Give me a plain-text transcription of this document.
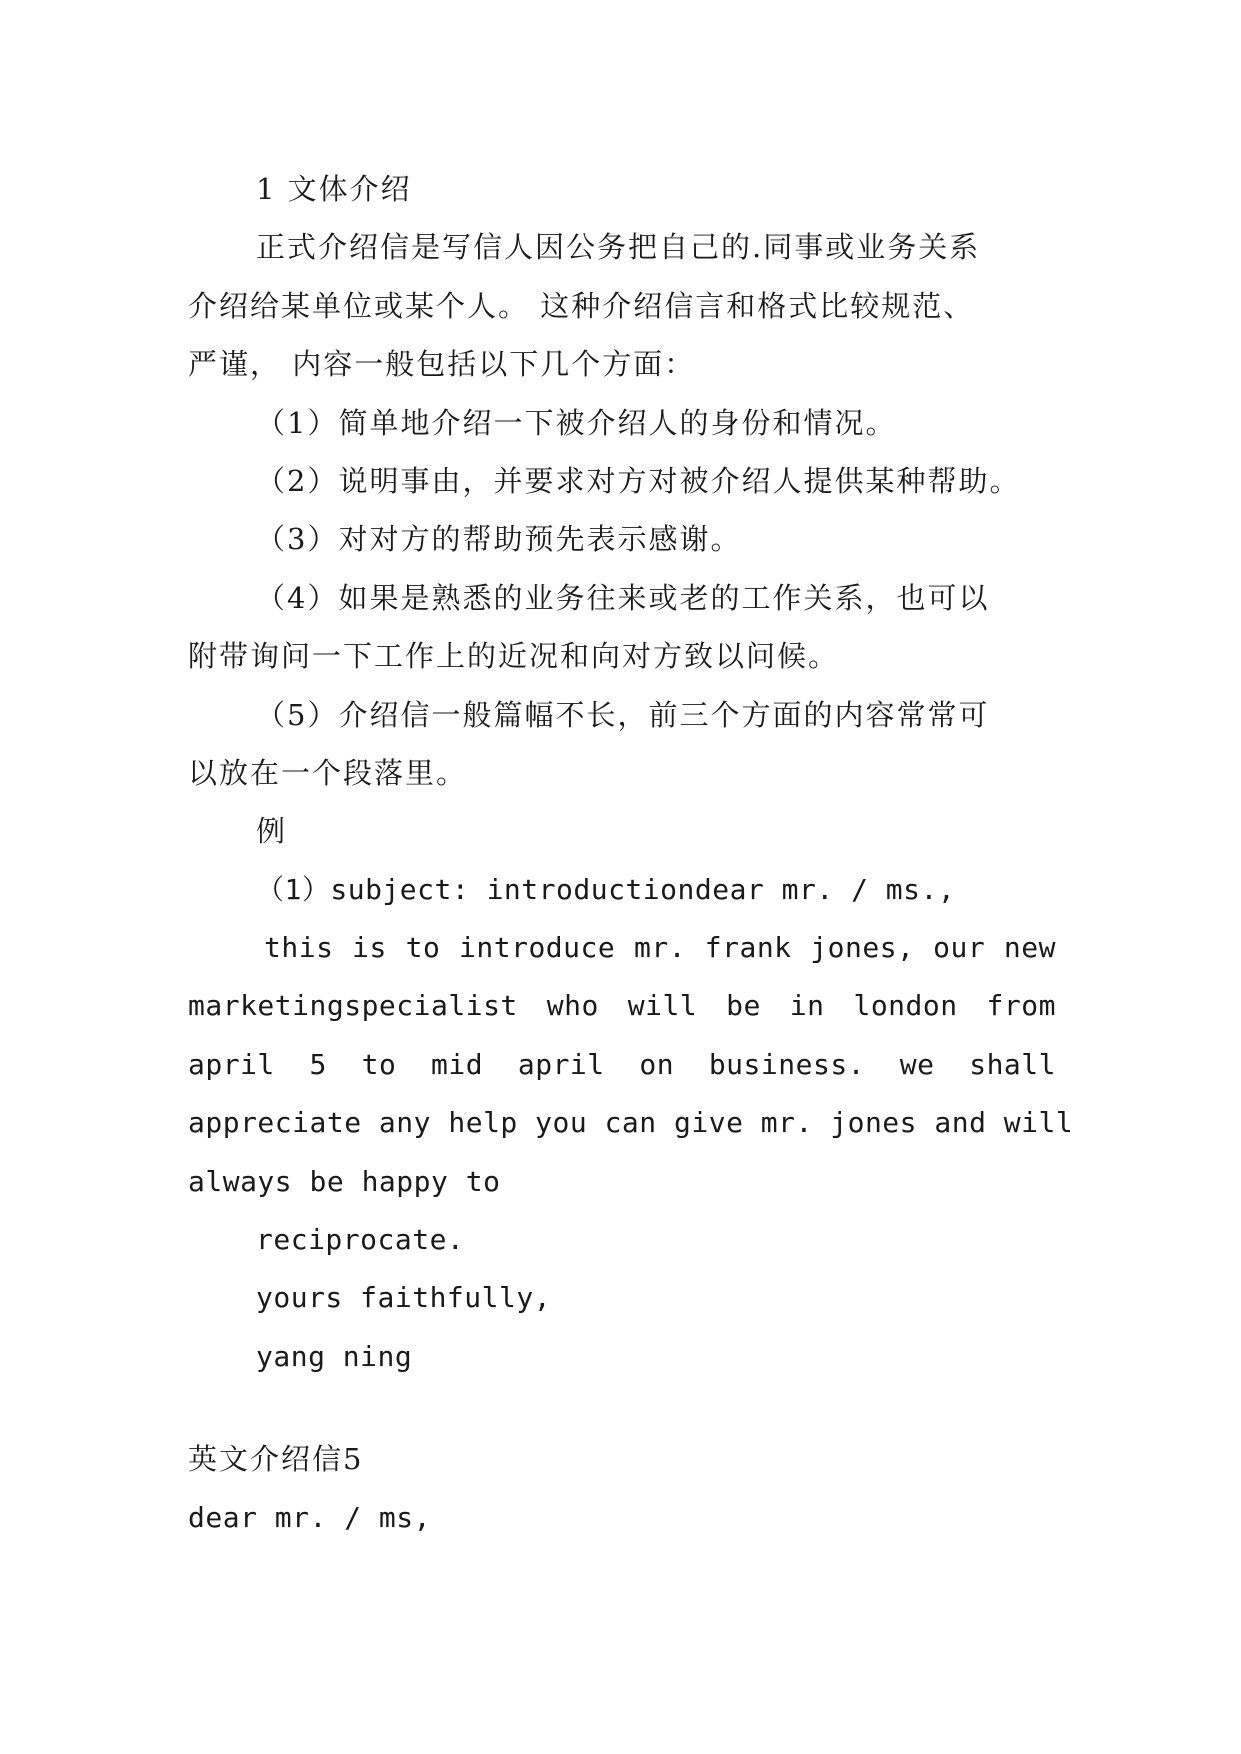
1 文体介绍
正式介绍信是写信人因公务把自己的.同事或业务关系
介绍给某单位或某个人。 这种介绍信言和格式比较规范、
严谨， 内容一般包括以下几个方面：
（1）简单地介绍一下被介绍人的身份和情况。
（2）说明事由，并要求对方对被介绍人提供某种帮助。
（3）对对方的帮助预先表示感谢。
（4）如果是熟悉的业务往来或老的工作关系，也可以
附带询问一下工作上的近况和向对方致以问候。
（5）介绍信一般篇幅不长，前三个方面的内容常常可
以放在一个段落里。
例
（1）subject: introductiondear mr. / ms.,
this is to introduce mr. frank jones, our new
marketingspecialist who will be in london from
april 5 to mid april on business. we shall
appreciate any help you can give mr. jones and will
always be happy to
reciprocate.
yours faithfully,
yang ning
英文介绍信5
dear mr. / ms,
